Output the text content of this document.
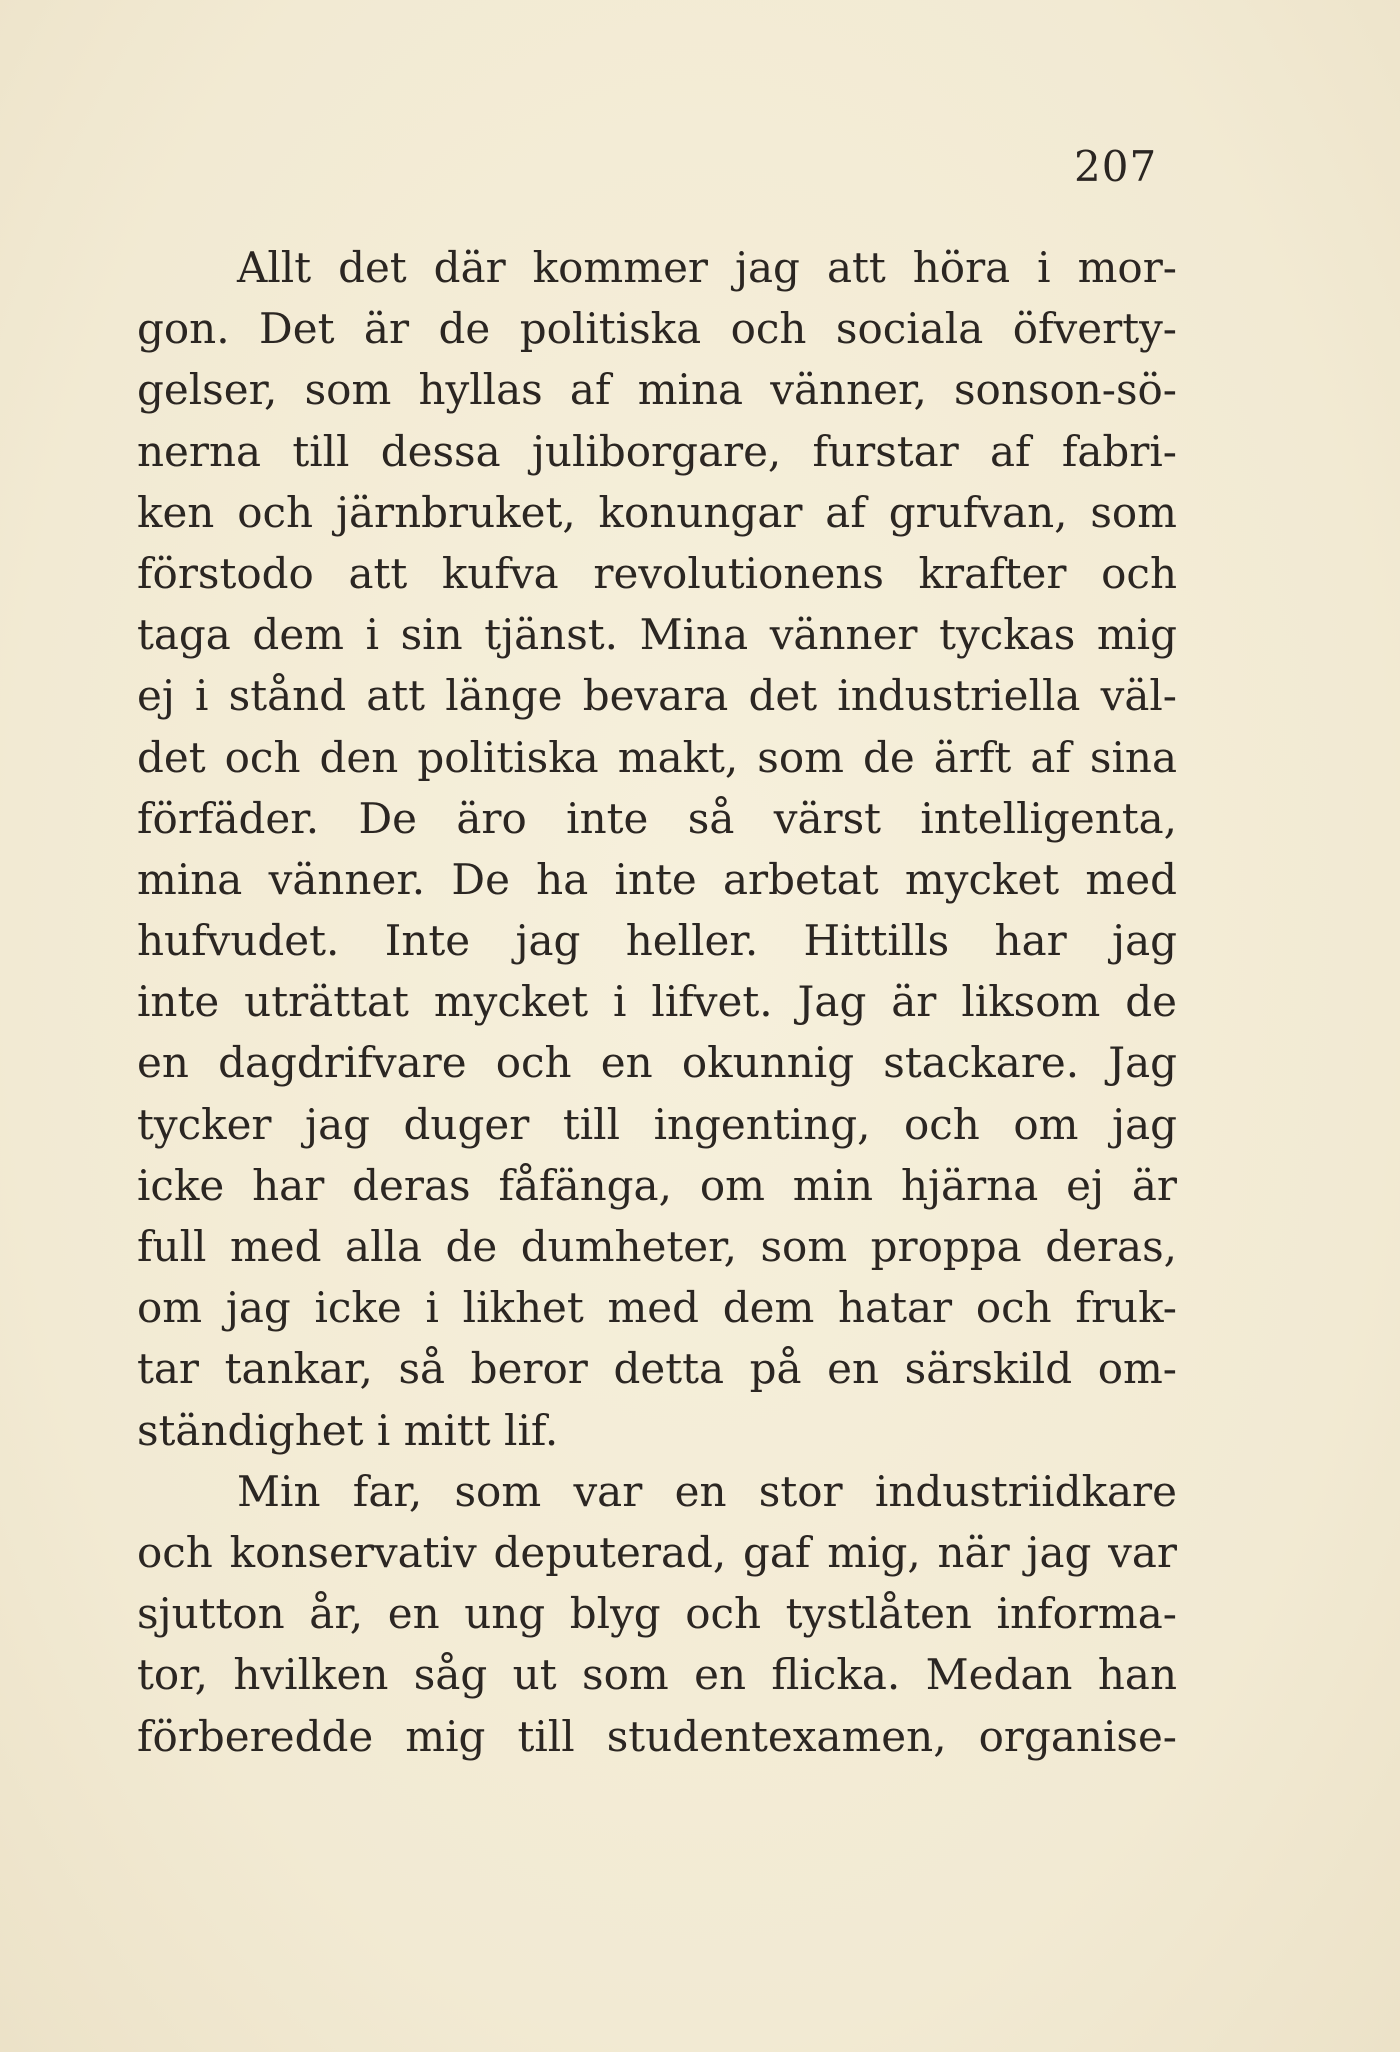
207
Allt det där kommer jag att höra i mor-
gon. Det är de politiska och sociala öfverty-
gelser, som hyllas af mina vänner, sonson-sö-
nerna till dessa juliborgare, furstar af fabri-
ken och järnbruket, konungar af grufvan, som
förstodo att kufva revolutionens krafter och
taga dem i sin tjänst. Mina vänner tyckas mig
ej i stånd att länge bevara det industriella väl-
det och den politiska makt, som de ärft af sina
förfäder. De äro inte så värst intelligenta,
mina vänner. De ha inte arbetat mycket med
hufvudet. Inte jag heller. Hittills har jag
inte uträttat mycket i lifvet. Jag är liksom de
en dagdrifvare och en okunnig stackare. Jag
tycker jag duger till ingenting, och om jag
icke har deras fåfänga, om min hjärna ej är
full med alla de dumheter, som proppa deras,
om jag icke i likhet med dem hatar och fruk-
tar tankar, så beror detta på en särskild om-
ständighet i mitt lif.
Min far, som var en stor industriidkare
och konservativ deputerad, gaf mig, när jag var
sjutton år, en ung blyg och tystlåten informa-
tor, hvilken såg ut som en flicka. Medan han
förberedde mig till studentexamen, organise-
